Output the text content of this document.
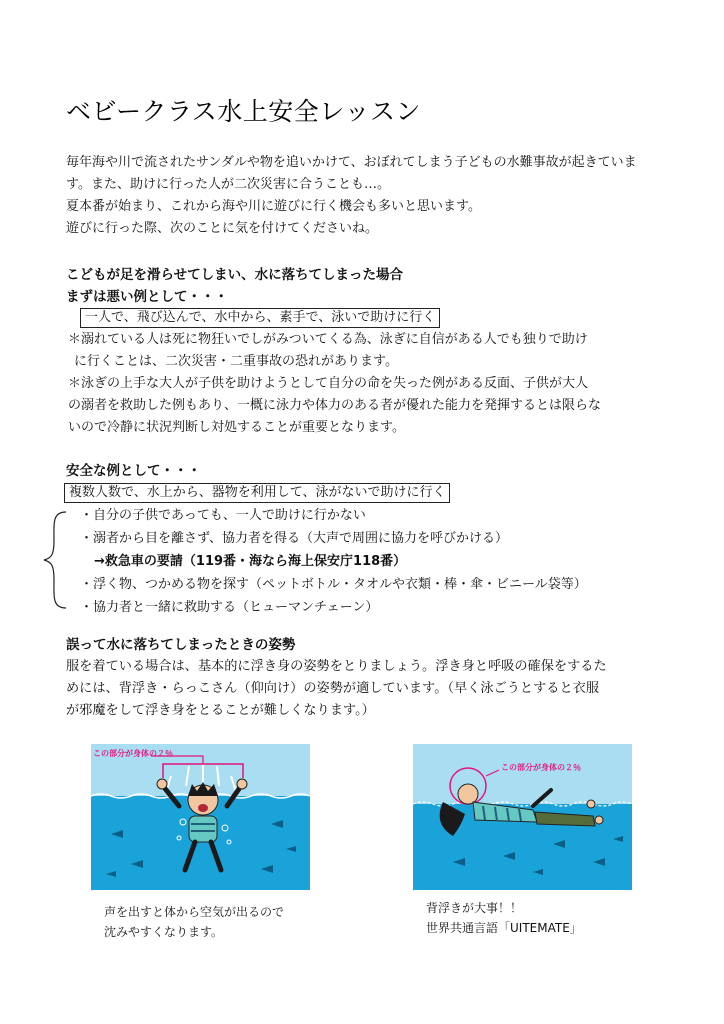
ベビークラス水上安全レッスン

毎年海や川で流されたサンダルや物を追いかけて、おぼれてしまう子どもの水難事故が起きていま

す。また、助けに行った人が二次災害に合うことも…。

夏本番が始まり、これから海や川に遊びに行く機会も多いと思います。

遊びに行った際、次のことに気を付けてくださいね。

こどもが足を滑らせてしまい、水に落ちてしまった場合

まずは悪い例として・・・

一人で、飛び込んで、水中から、素手で、泳いで助けに行く

＊溺れている人は死に物狂いでしがみついてくる為、泳ぎに自信がある人でも独りで助け

に行くことは、二次災害・二重事故の恐れがあります。

＊泳ぎの上手な大人が子供を助けようとして自分の命を失った例がある反面、子供が大人

の溺者を救助した例もあり、一概に泳力や体力のある者が優れた能力を発揮するとは限らな

いので冷静に状況判断し対処することが重要となります。

安全な例として・・・

複数人数で、水上から、器物を利用して、泳がないで助けに行く
・自分の子供であっても、一人で助けに行かない
・溺者から目を離さず、協力者を得る（大声で周囲に協力を呼びかける）
→救急車の要請（119番・海なら海上保安庁118番）
・浮く物、つかめる物を探す（ペットボトル・タオルや衣類・棒・傘・ビニール袋等）
・協力者と一緒に救助する（ヒューマンチェーン）

誤って水に落ちてしまったときの姿勢

服を着ている場合は、基本的に浮き身の姿勢をとりましょう。浮き身と呼吸の確保をするた

めには、背浮き・らっこさん（仰向け）の姿勢が適しています。（早く泳ごうとすると衣服

が邪魔をして浮き身をとることが難しくなります。）

この部分が身体の２％
この部分が身体の２％

声を出すと体から空気が出るので

沈みやすくなります。

背浮きが大事！！

世界共通言語「UITEMATE」
